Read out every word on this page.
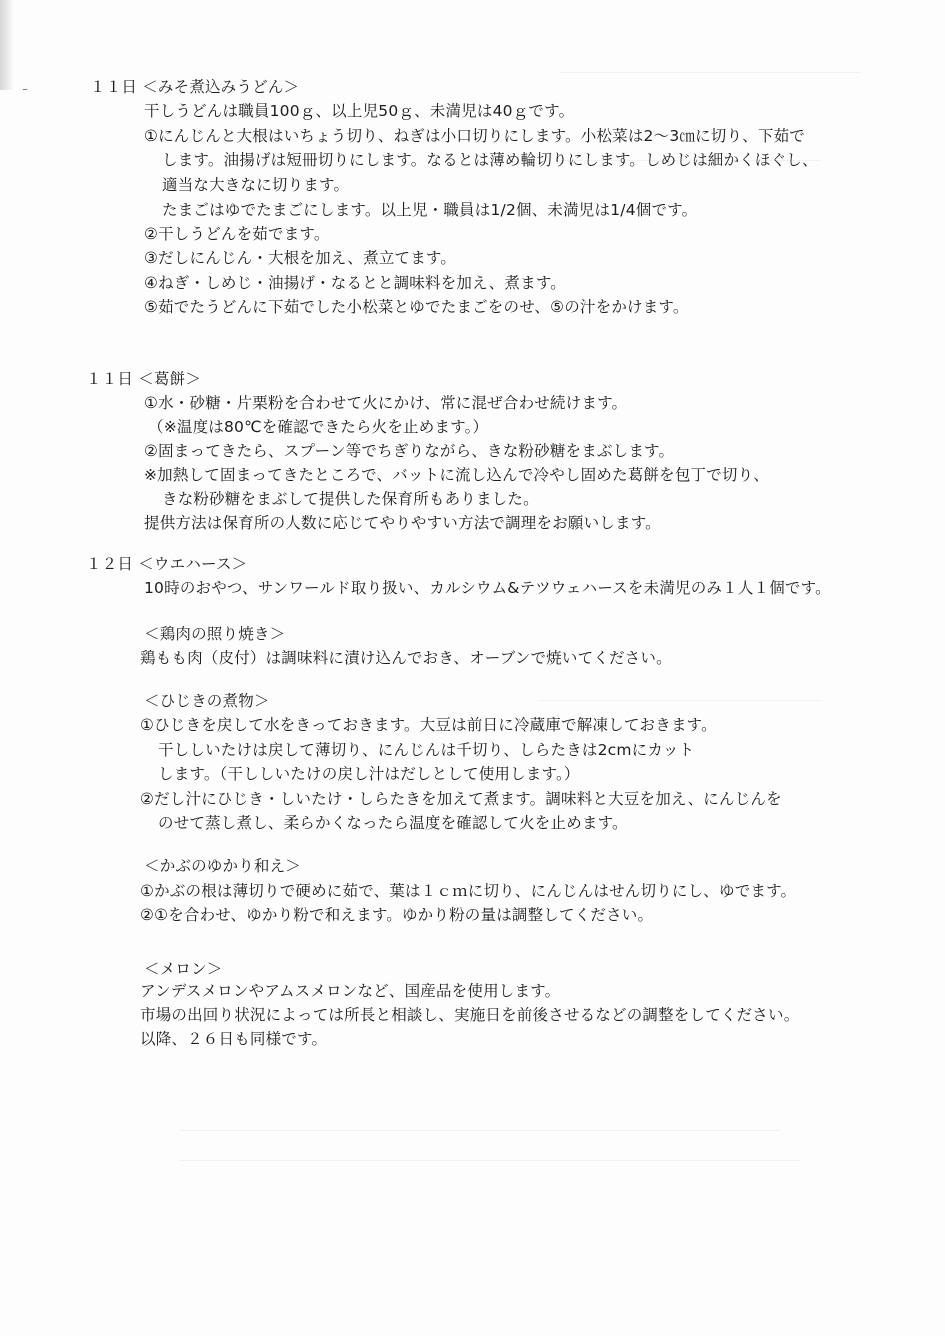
–	１１日 ＜みそ煮込みうどん＞
干しうどんは職員100ｇ、以上児50ｇ、未満児は40ｇです。
①にんじんと大根はいちょう切り、ねぎは小口切りにします。小松菜は2〜3㎝に切り、下茹で
します。油揚げは短冊切りにします。なるとは薄め輪切りにします。しめじは細かくほぐし、
適当な大きなに切ります。
たまごはゆでたまごにします。以上児・職員は1/2個、未満児は1/4個です。
②干しうどんを茹でます。
③だしにんじん・大根を加え、煮立てます。
④ねぎ・しめじ・油揚げ・なるとと調味料を加え、煮ます。
⑤茹でたうどんに下茹でした小松菜とゆでたまごをのせ、⑤の汁をかけます。
１１日 ＜葛餅＞
①水・砂糖・片栗粉を合わせて火にかけ、常に混ぜ合わせ続けます。
（※温度は80℃を確認できたら火を止めます。）
②固まってきたら、スプーン等でちぎりながら、きな粉砂糖をまぶします。
※加熱して固まってきたところで、バットに流し込んで冷やし固めた葛餅を包丁で切り、
きな粉砂糖をまぶして提供した保育所もありました。
提供方法は保育所の人数に応じてやりやすい方法で調理をお願いします。
１２日 ＜ウエハース＞
10時のおやつ、サンワールド取り扱い、カルシウム&テツウェハースを未満児のみ１人１個です。
＜鶏肉の照り焼き＞
鶏もも肉（皮付）は調味料に漬け込んでおき、オーブンで焼いてください。
＜ひじきの煮物＞
①ひじきを戻して水をきっておきます。大豆は前日に冷蔵庫で解凍しておきます。
干ししいたけは戻して薄切り、にんじんは千切り、しらたきは2cmにカット
します。（干ししいたけの戻し汁はだしとして使用します。）
②だし汁にひじき・しいたけ・しらたきを加えて煮ます。調味料と大豆を加え、にんじんを
のせて蒸し煮し、柔らかくなったら温度を確認して火を止めます。
＜かぶのゆかり和え＞
①かぶの根は薄切りで硬めに茹で、葉は１ｃｍに切り、にんじんはせん切りにし、ゆでます。
②①を合わせ、ゆかり粉で和えます。ゆかり粉の量は調整してください。
＜メロン＞
アンデスメロンやアムスメロンなど、国産品を使用します。
市場の出回り状況によっては所長と相談し、実施日を前後させるなどの調整をしてください。
以降、２６日も同様です。
